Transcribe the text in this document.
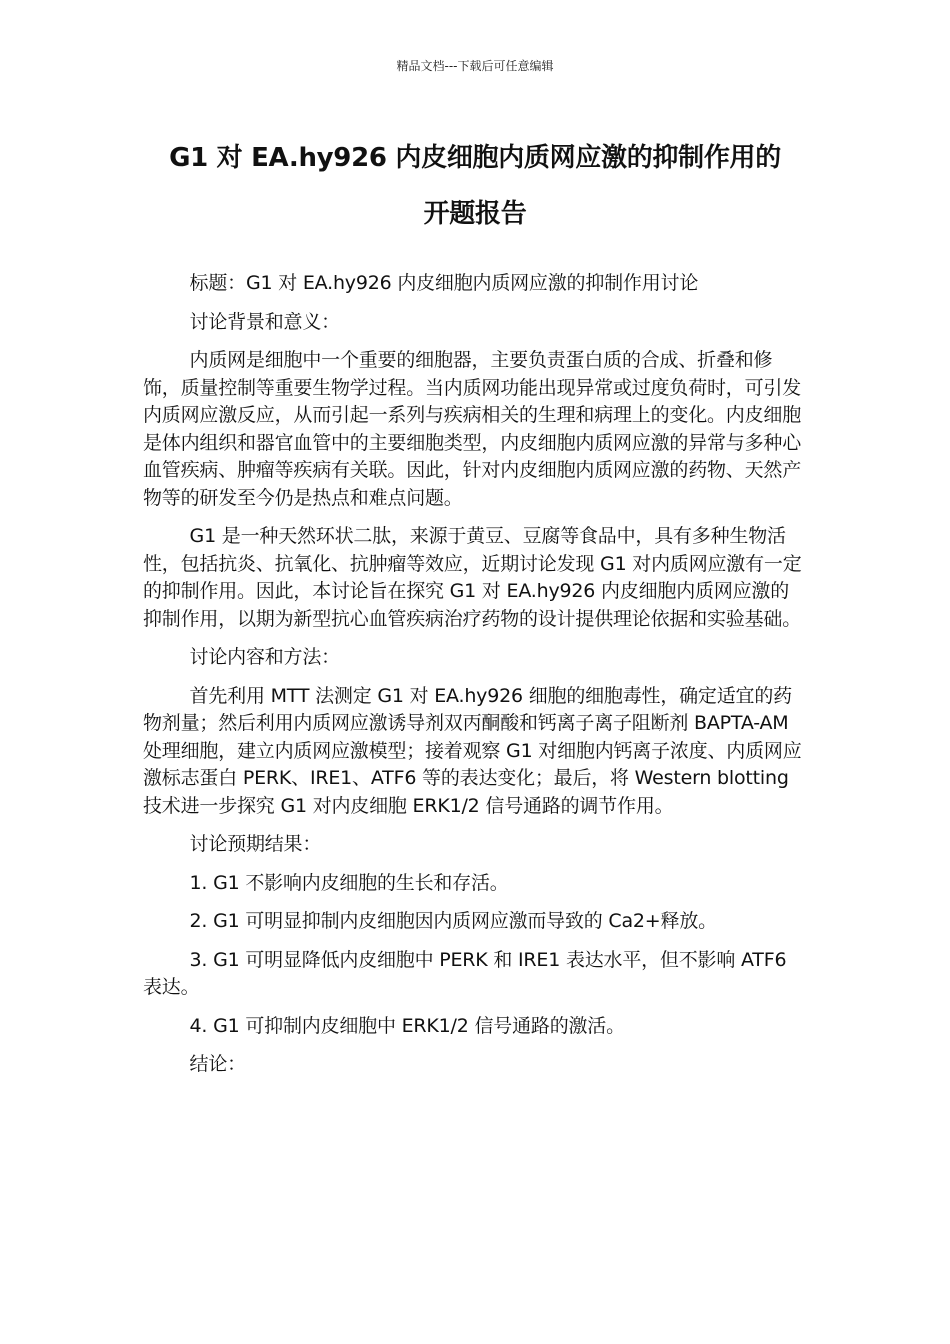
精品文档---下载后可任意编辑
G1 对 EA.hy926 内皮细胞内质网应激的抑制作用的
开题报告

标题：G1 对 EA.hy926 内皮细胞内质网应激的抑制作用讨论

讨论背景和意义：

内质网是细胞中一个重要的细胞器，主要负责蛋白质的合成、折叠和修饰，质量控制等重要生物学过程。当内质网功能出现异常或过度负荷时，可引发内质网应激反应，从而引起一系列与疾病相关的生理和病理上的变化。内皮细胞是体内组织和器官血管中的主要细胞类型，内皮细胞内质网应激的异常与多种心血管疾病、肿瘤等疾病有关联。因此，针对内皮细胞内质网应激的药物、天然产物等的研发至今仍是热点和难点问题。

G1 是一种天然环状二肽，来源于黄豆、豆腐等食品中，具有多种生物活性，包括抗炎、抗氧化、抗肿瘤等效应，近期讨论发现 G1 对内质网应激有一定的抑制作用。因此，本讨论旨在探究 G1 对 EA.hy926 内皮细胞内质网应激的抑制作用，以期为新型抗心血管疾病治疗药物的设计提供理论依据和实验基础。

讨论内容和方法：

首先利用 MTT 法测定 G1 对 EA.hy926 细胞的细胞毒性，确定适宜的药物剂量；然后利用内质网应激诱导剂双丙酮酸和钙离子离子阻断剂 BAPTA-AM 处理细胞，建立内质网应激模型；接着观察 G1 对细胞内钙离子浓度、内质网应激标志蛋白 PERK、IRE1、ATF6 等的表达变化；最后，将 Western blotting 技术进一步探究 G1 对内皮细胞 ERK1/2 信号通路的调节作用。

讨论预期结果：

1. G1 不影响内皮细胞的生长和存活。

2. G1 可明显抑制内皮细胞因内质网应激而导致的 Ca2+释放。

3. G1 可明显降低内皮细胞中 PERK 和 IRE1 表达水平，但不影响 ATF6 表达。

4. G1 可抑制内皮细胞中 ERK1/2 信号通路的激活。

结论：
